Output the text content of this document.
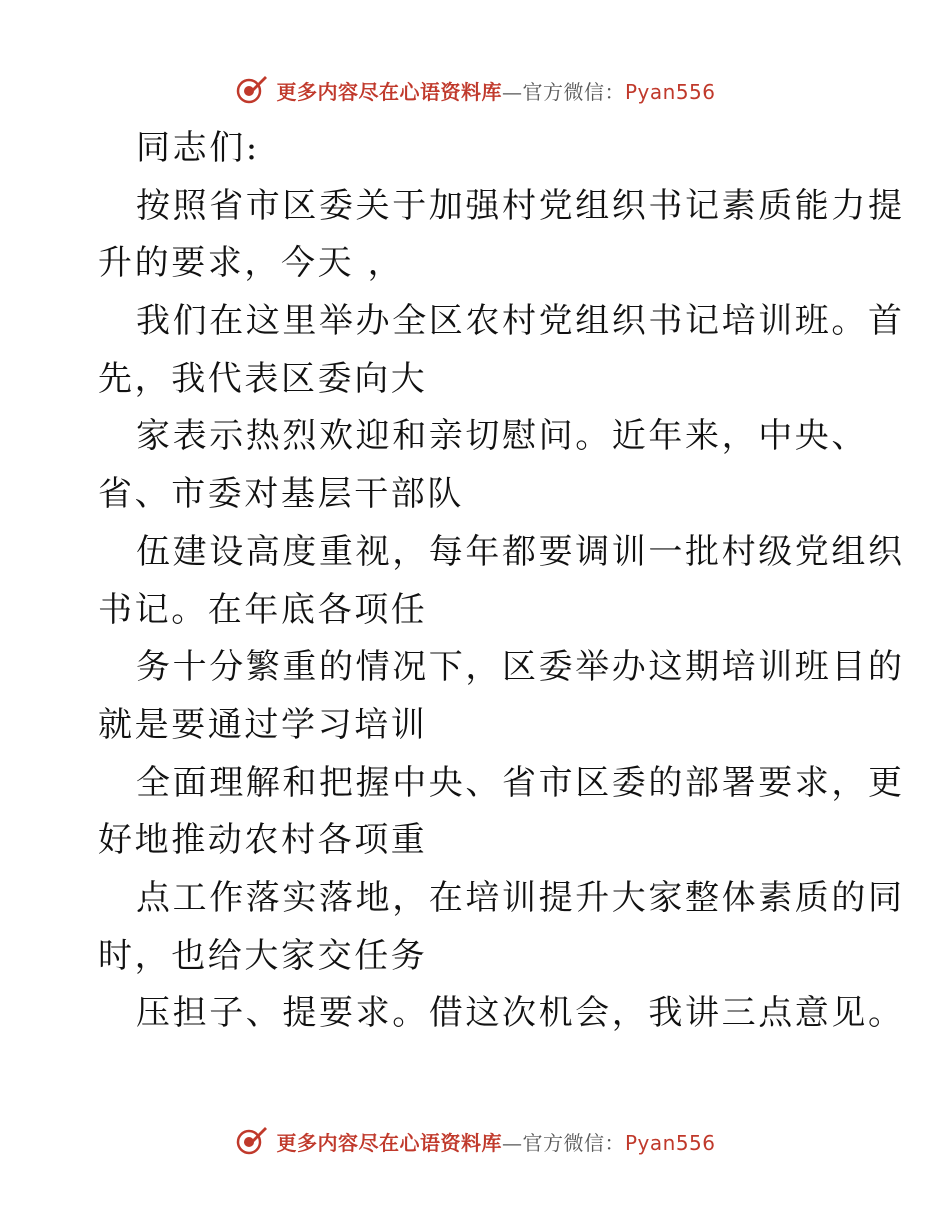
更多内容尽在心语资料库—官方微信：Pyan556
同志们:
按照省市区委关于加强村党组织书记素质能力提
升的要求，今天 ，
我们在这里举办全区农村党组织书记培训班。首
先，我代表区委向大
家表示热烈欢迎和亲切慰问。近年来，中央、
省、市委对基层干部队
伍建设高度重视，每年都要调训一批村级党组织
书记。在年底各项任
务十分繁重的情况下，区委举办这期培训班目的
就是要通过学习培训
全面理解和把握中央、省市区委的部署要求，更
好地推动农村各项重
点工作落实落地，在培训提升大家整体素质的同
时，也给大家交任务
压担子、提要求。借这次机会，我讲三点意见。
更多内容尽在心语资料库—官方微信：Pyan556
